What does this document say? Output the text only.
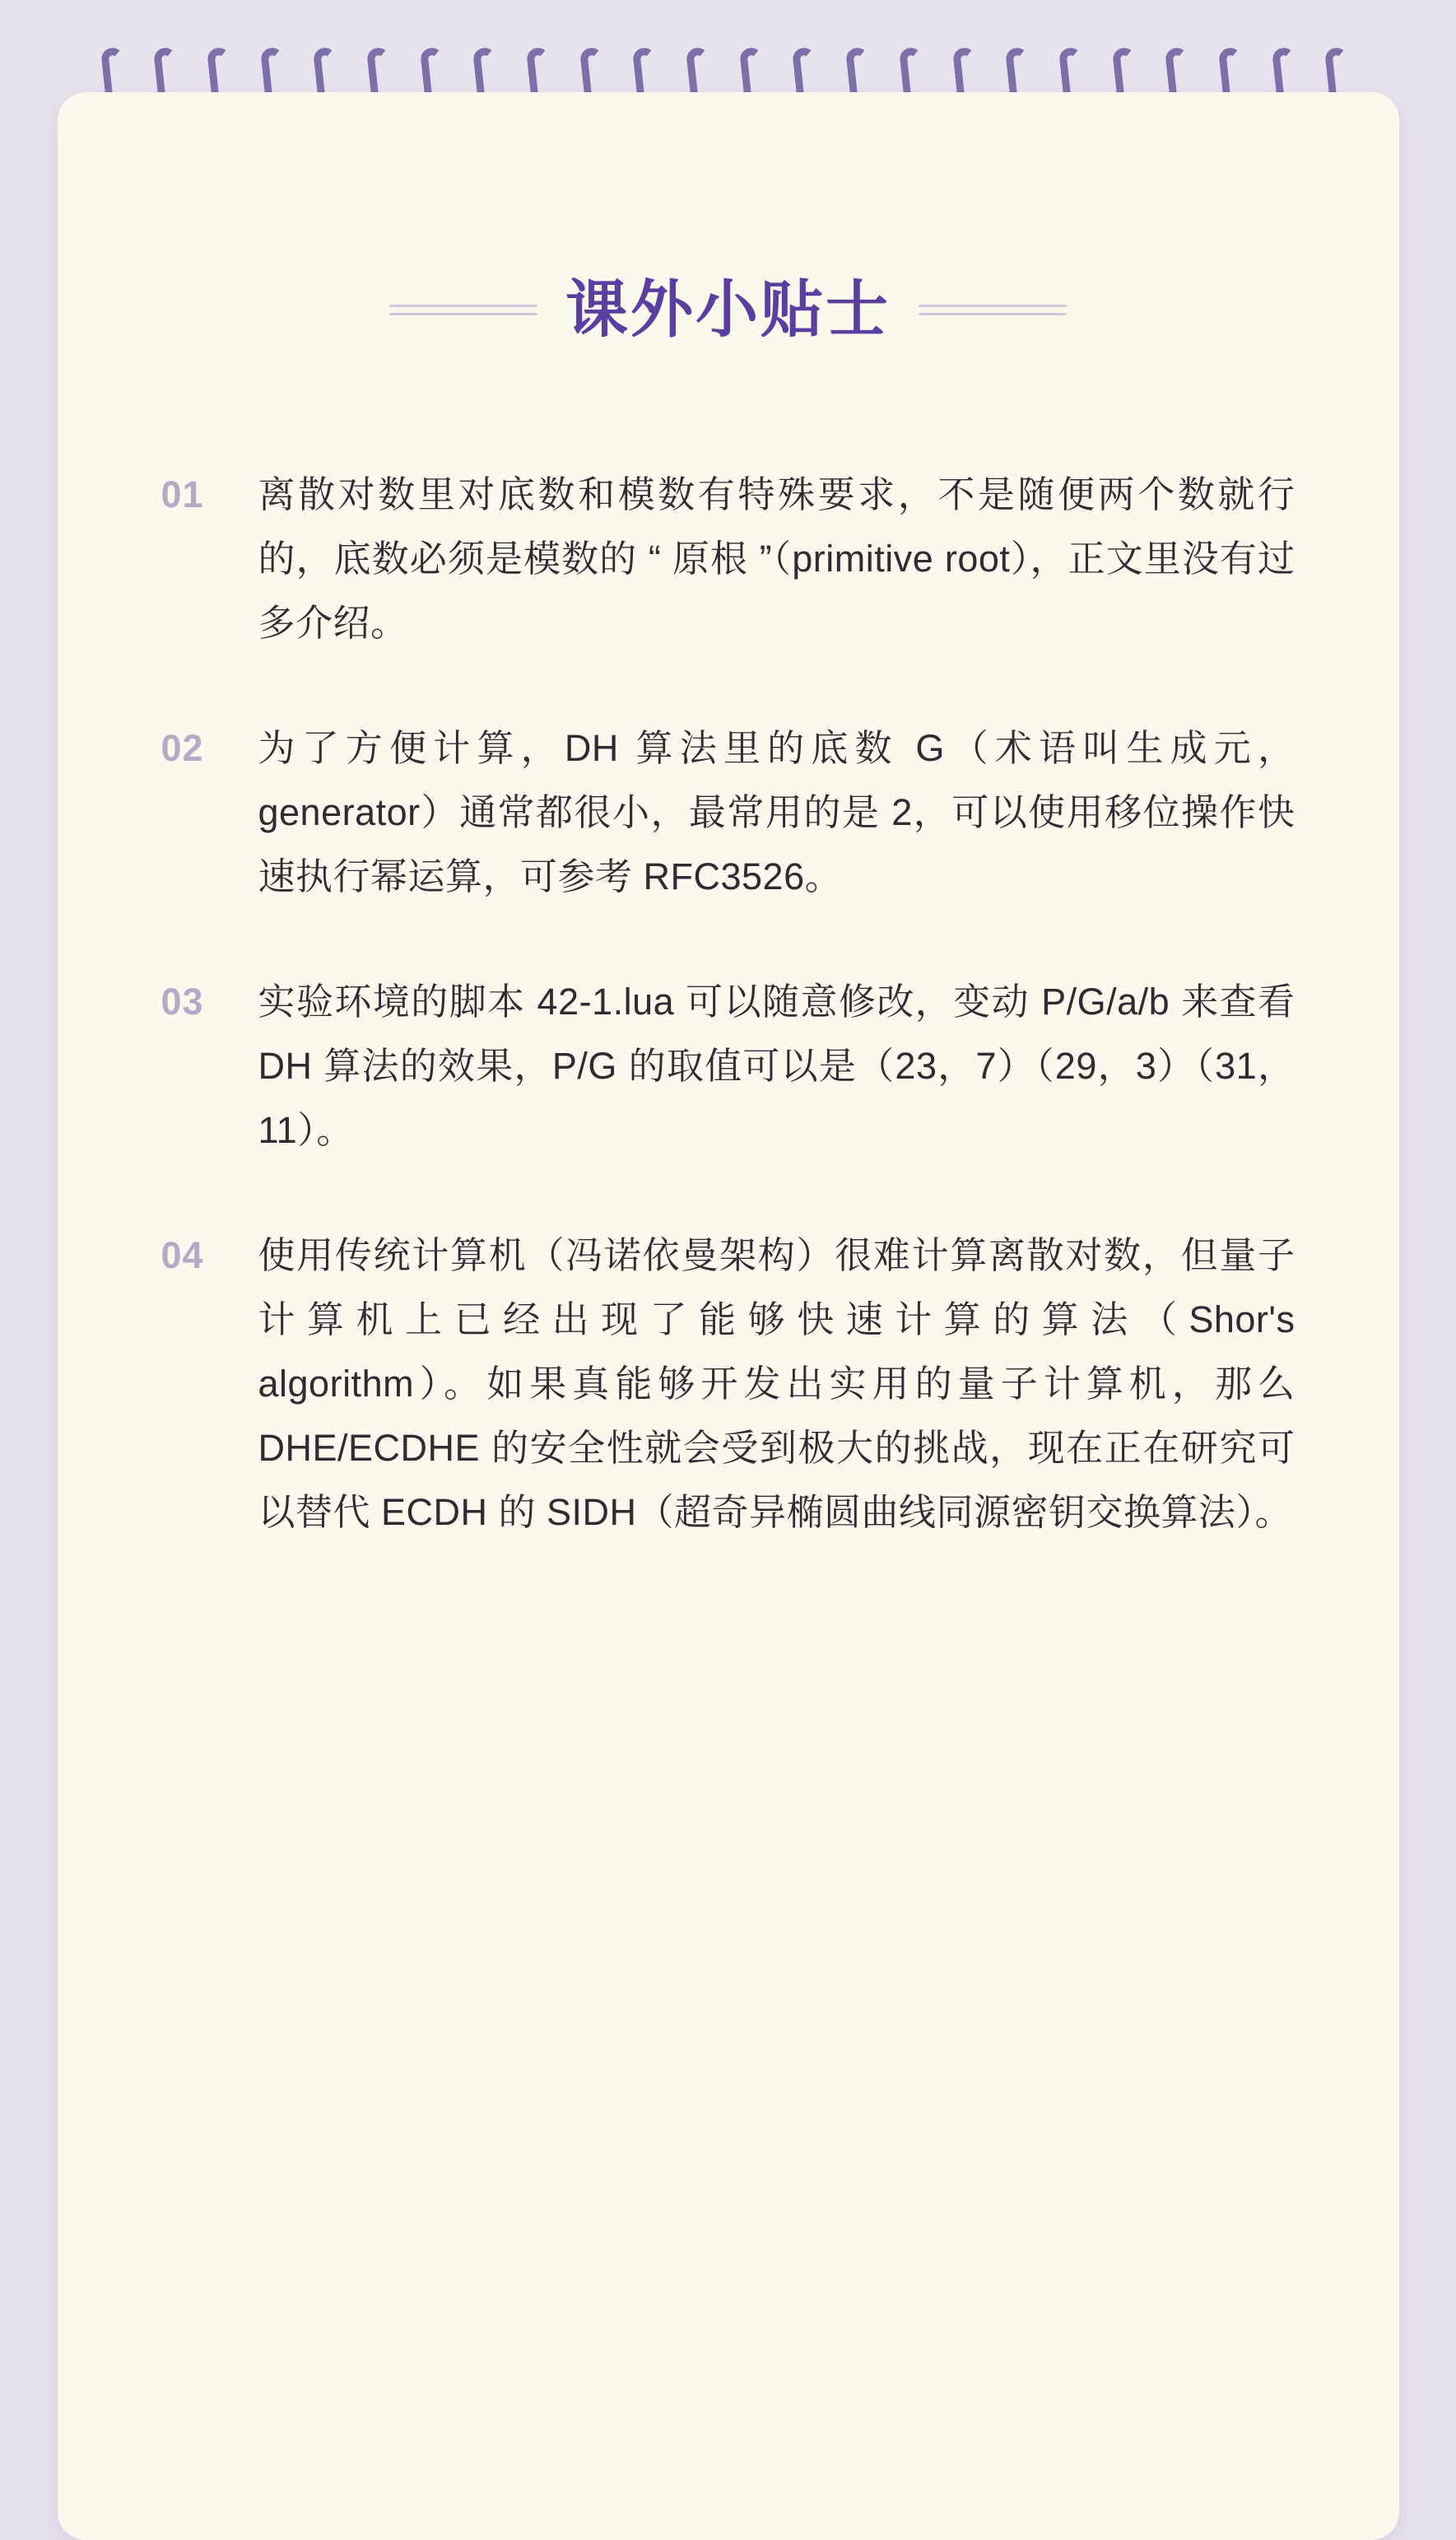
课外小贴士
01	离散对数里对底数和模数有特殊要求，不是随便两个数就行的，底数必须是模数的 “ 原根 ”（primitive root），正文里没有过多介绍。
02	为了方便计算，DH 算法里的底数 G（术语叫生成元，generator）通常都很小，最常用的是 2，可以使用移位操作快速执行幂运算，可参考 RFC3526。
03	实验环境的脚本 42-1.lua 可以随意修改，变动 P/G/a/b 来查看 DH 算法的效果，P/G 的取值可以是（23，7）（29，3）（31，11）。
04	使用传统计算机（冯诺依曼架构）很难计算离散对数，但量子计算机上已经出现了能够快速计算的算法（Shor's algorithm）。如果真能够开发出实用的量子计算机，那么 DHE/ECDHE 的安全性就会受到极大的挑战，现在正在研究可以替代 ECDH 的 SIDH（超奇异椭圆曲线同源密钥交换算法）。
